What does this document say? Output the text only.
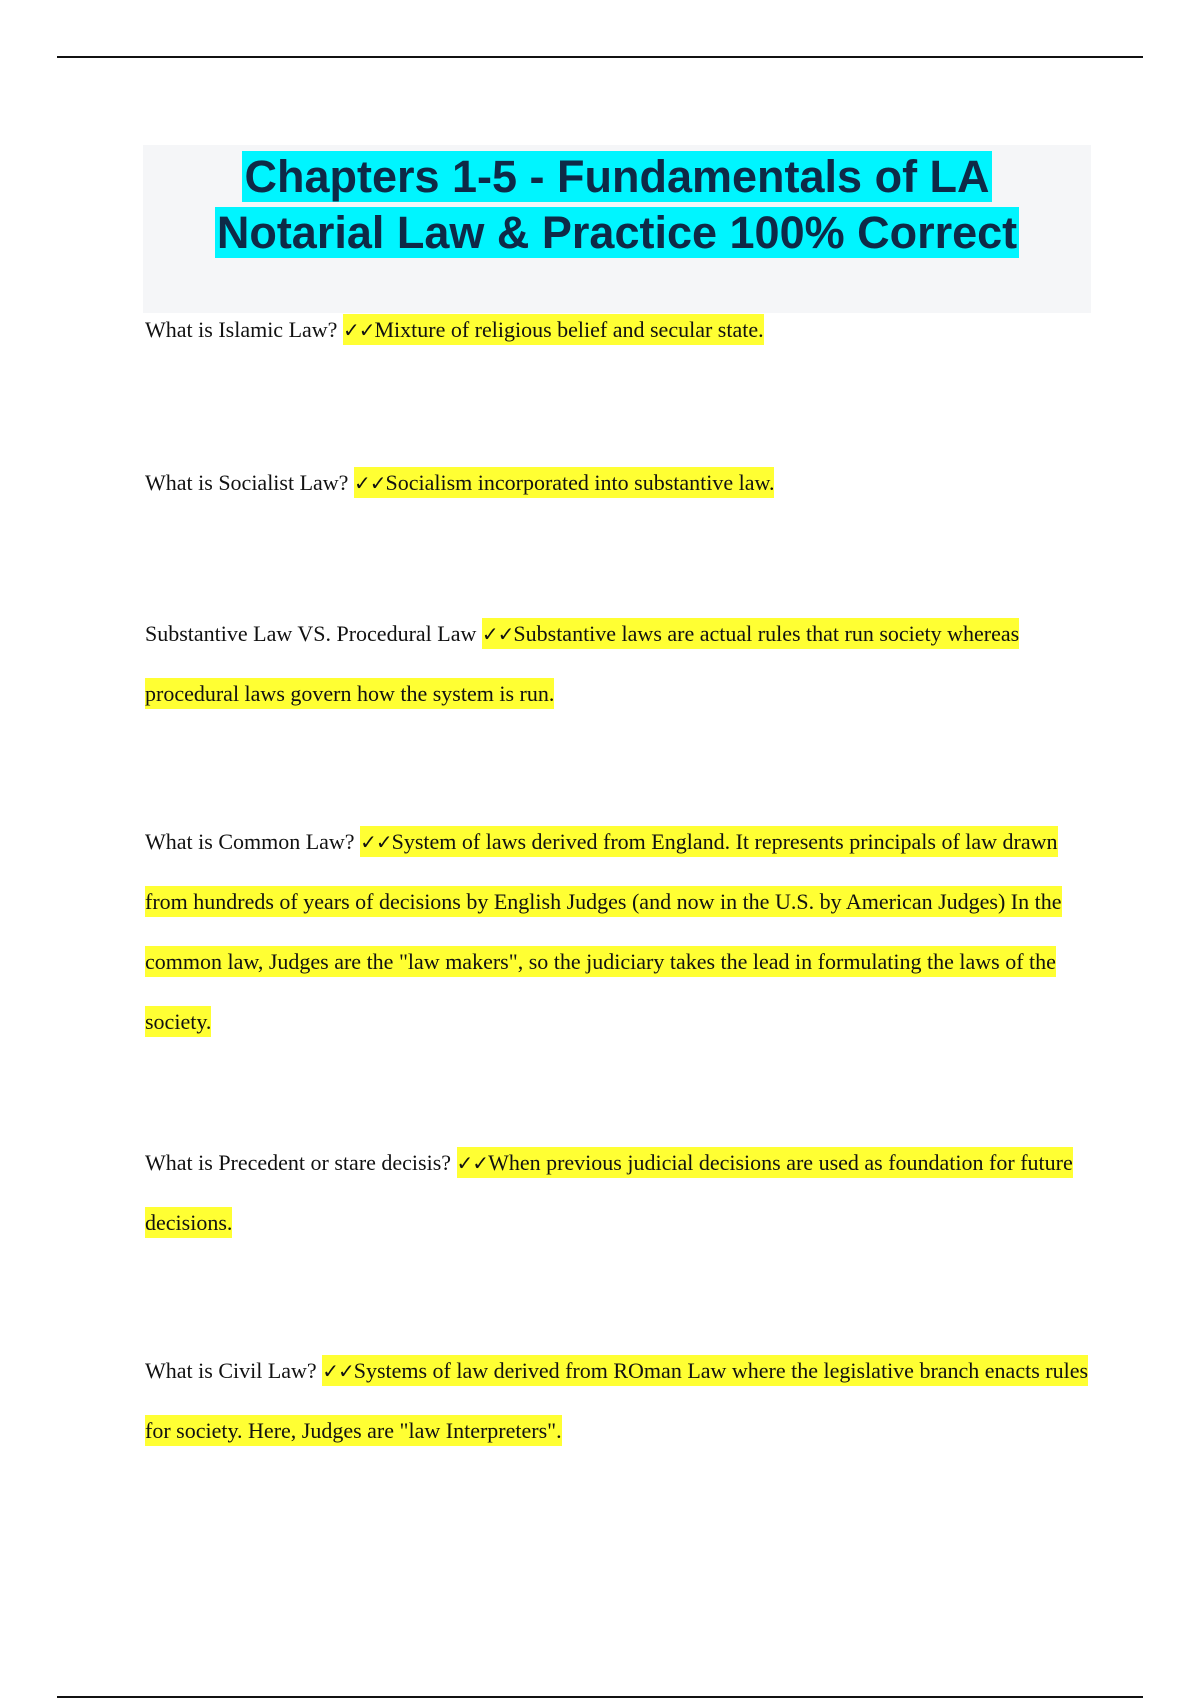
Chapters 1-5 - Fundamentals of LA
Notarial Law & Practice 100% Correct

What is Islamic Law? ✓✓Mixture of religious belief and secular state.

What is Socialist Law? ✓✓Socialism incorporated into substantive law.

Substantive Law VS. Procedural Law ✓✓Substantive laws are actual rules that run society whereas procedural laws govern how the system is run.

What is Common Law? ✓✓System of laws derived from England. It represents principals of law drawn from hundreds of years of decisions by English Judges (and now in the U.S. by American Judges) In the common law, Judges are the "law makers", so the judiciary takes the lead in formulating the laws of the society.

What is Precedent or stare decisis? ✓✓When previous judicial decisions are used as foundation for future decisions.

What is Civil Law? ✓✓Systems of law derived from ROman Law where the legislative branch enacts rules for society. Here, Judges are "law Interpreters".
